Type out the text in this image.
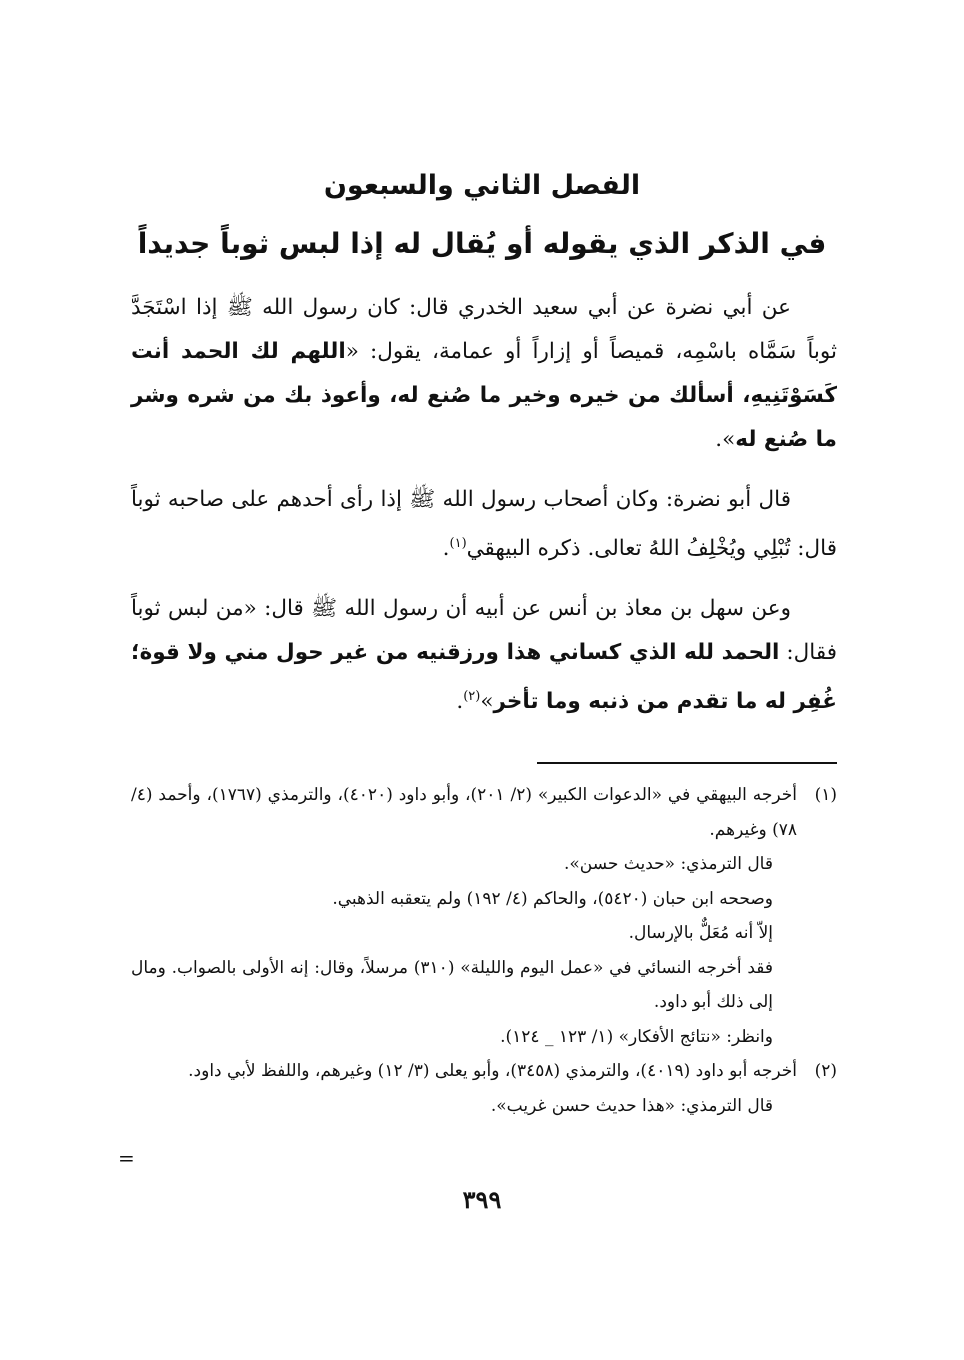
الفصل الثاني والسبعون
في الذكر الذي يقوله أو يُقال له إذا لبس ثوباً جديداً

عن أبي نضرة عن أبي سعيد الخدري قال: كان رسول الله ﷺ إذا اسْتَجَدَّ ثوباً سَمَّاه باسْمِه، قميصاً أو إزاراً أو عمامة، يقول: «اللهم لك الحمد أنت كَسَوْتَنِيهِ، أسألك من خيره وخير ما صُنع له، وأعوذ بك من شره وشر ما صُنع له».

قال أبو نضرة: وكان أصحاب رسول الله ﷺ إذا رأى أحدهم على صاحبه ثوباً قال: تُبْلِي ويُخْلِفُ اللهُ تعالى. ذكره البيهقي$^{(١)}$.

وعن سهل بن معاذ بن أنس عن أبيه أن رسول الله ﷺ قال: «من لبس ثوباً فقال: الحمد لله الذي كساني هذا ورزقنيه من غير حول مني ولا قوة؛ غُفِر له ما تقدم من ذنبه وما تأخر»$^{(٢)}$.

(١)

أخرجه البيهقي في «الدعوات الكبير» (٢/ ٢٠١)، وأبو داود (٤٠٢٠)، والترمذي (١٧٦٧)، وأحمد (٤/ ٧٨) وغيرهم.

قال الترمذي: «حديث حسن».

وصححه ابن حبان (٥٤٢٠)، والحاكم (٤/ ١٩٢) ولم يتعقبه الذهبي.

إلاّ أنه مُعَلٌّ بالإرسال.

فقد أخرجه النسائي في «عمل اليوم والليلة» (٣١٠) مرسلاً، وقال: إنه الأولى بالصواب. ومال إلى ذلك أبو داود.

وانظر: «نتائج الأفكار» (١/ ١٢٣ _ ١٢٤).

(٢)

أخرجه أبو داود (٤٠١٩)، والترمذي (٣٤٥٨)، وأبو يعلى (٣/ ١٢) وغيرهم، واللفظ لأبي داود.

قال الترمذي: «هذا حديث حسن غريب».

=
٣٩٩
